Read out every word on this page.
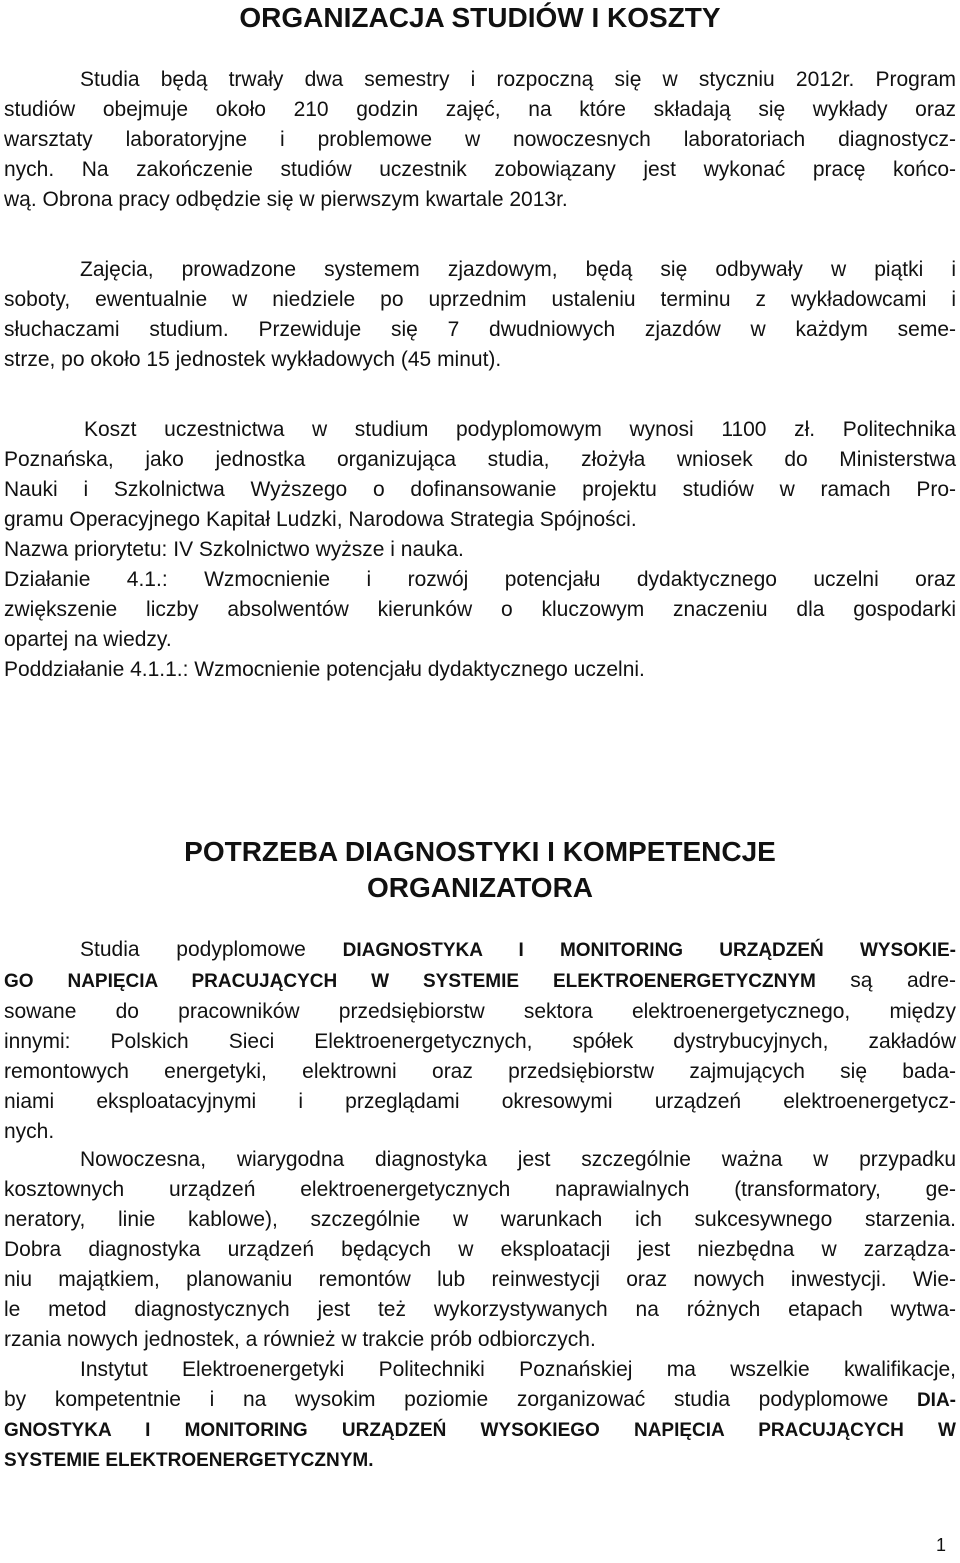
ORGANIZACJA STUDIÓW I KOSZTY
Studia będą trwały dwa semestry i rozpoczną się w styczniu 2012r. Program
studiów obejmuje około 210 godzin zajęć, na które składają się wykłady oraz
warsztaty laboratoryjne i problemowe w nowoczesnych laboratoriach diagnostycz-
nych. Na zakończenie studiów uczestnik zobowiązany jest wykonać pracę końco-
wą. Obrona pracy odbędzie się w pierwszym kwartale 2013r.
Zajęcia, prowadzone systemem zjazdowym, będą się odbywały w piątki i
soboty, ewentualnie w niedziele po uprzednim ustaleniu terminu z wykładowcami i
słuchaczami studium. Przewiduje się 7 dwudniowych zjazdów w każdym seme-
strze, po około 15 jednostek wykładowych (45 minut).
Koszt uczestnictwa w studium podyplomowym wynosi 1100 zł. Politechnika
Poznańska, jako jednostka organizująca studia, złożyła wniosek do Ministerstwa
Nauki i Szkolnictwa Wyższego o dofinansowanie projektu studiów w ramach Pro-
gramu Operacyjnego Kapitał Ludzki, Narodowa Strategia Spójności.
Nazwa priorytetu: IV Szkolnictwo wyższe i nauka.
Działanie 4.1.: Wzmocnienie i rozwój potencjału dydaktycznego uczelni oraz
zwiększenie liczby absolwentów kierunków o kluczowym znaczeniu dla gospodarki
opartej na wiedzy.
Poddziałanie 4.1.1.: Wzmocnienie potencjału dydaktycznego uczelni.
POTRZEBA DIAGNOSTYKI I KOMPETENCJE
ORGANIZATORA
Studia podyplomowe DIAGNOSTYKA I MONITORING URZĄDZEŃ WYSOKIE-
GO NAPIĘCIA PRACUJĄCYCH W SYSTEMIE ELEKTROENERGETYCZNYM są adre-
sowane do pracowników przedsiębiorstw sektora elektroenergetycznego, między
innymi: Polskich Sieci Elektroenergetycznych, spółek dystrybucyjnych, zakładów
remontowych energetyki, elektrowni oraz przedsiębiorstw zajmujących się bada-
niami eksploatacyjnymi i przeglądami okresowymi urządzeń elektroenergetycz-
nych.
Nowoczesna, wiarygodna diagnostyka jest szczególnie ważna w przypadku
kosztownych urządzeń elektroenergetycznych naprawialnych (transformatory, ge-
neratory, linie kablowe), szczególnie w warunkach ich sukcesywnego starzenia.
Dobra diagnostyka urządzeń będących w eksploatacji jest niezbędna w zarządza-
niu majątkiem, planowaniu remontów lub reinwestycji oraz nowych inwestycji. Wie-
le metod diagnostycznych jest też wykorzystywanych na różnych etapach wytwa-
rzania nowych jednostek, a również w trakcie prób odbiorczych.
Instytut Elektroenergetyki Politechniki Poznańskiej ma wszelkie kwalifikacje,
by kompetentnie i na wysokim poziomie zorganizować studia podyplomowe DIA-
GNOSTYKA I MONITORING URZĄDZEŃ WYSOKIEGO NAPIĘCIA PRACUJĄCYCH W
SYSTEMIE ELEKTROENERGETYCZNYM.
1
